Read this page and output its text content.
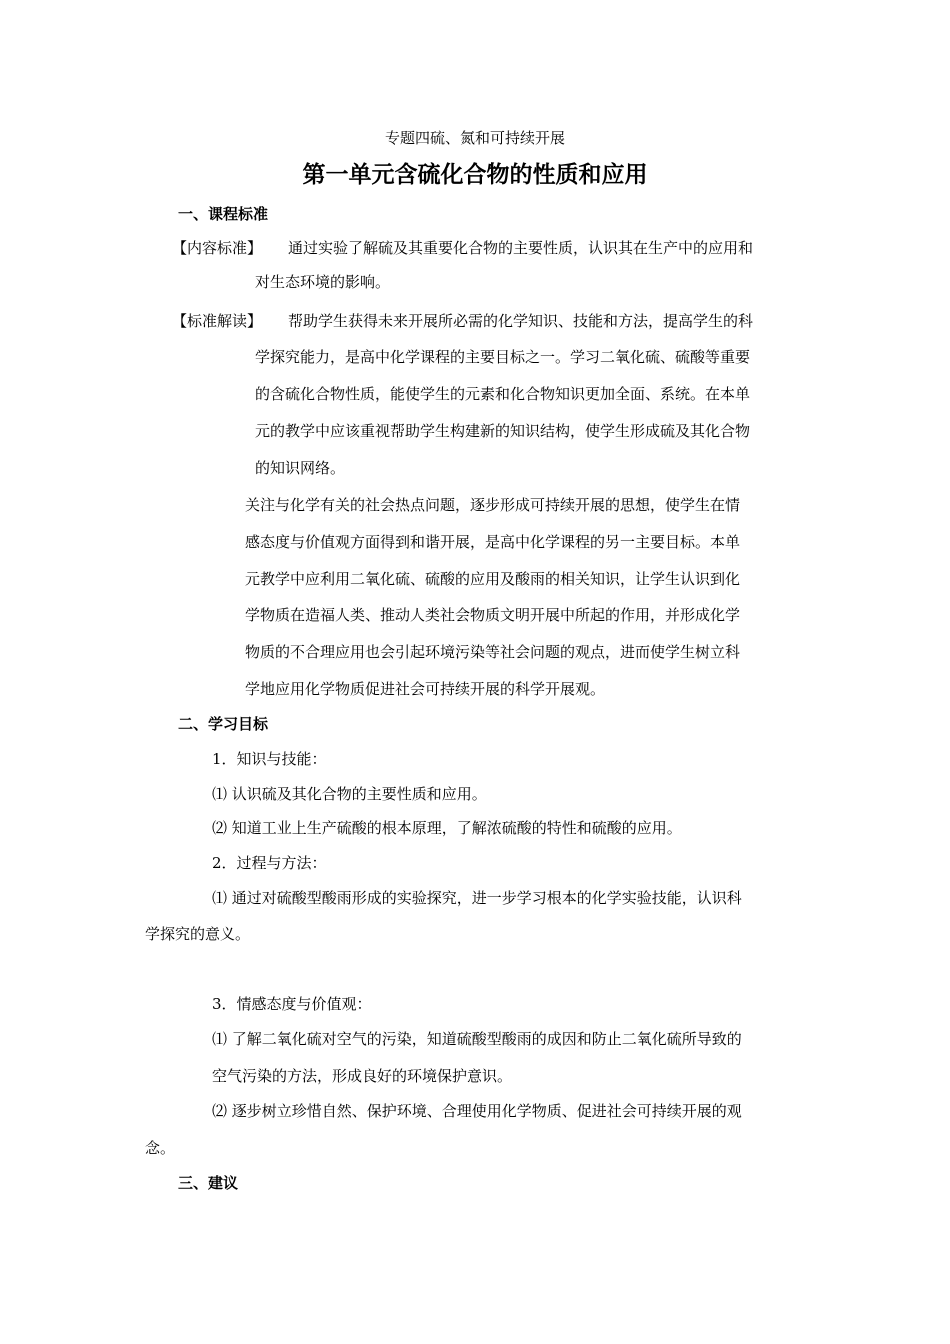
专题四硫、氮和可持续开展
第一单元含硫化合物的性质和应用
一、课程标准
【内容标准】 通过实验了解硫及其重要化合物的主要性质，认识其在生产中的应用和
对生态环境的影响。
【标准解读】 帮助学生获得未来开展所必需的化学知识、技能和方法，提高学生的科
学探究能力，是高中化学课程的主要目标之一。学习二氧化硫、硫酸等重要
的含硫化合物性质，能使学生的元素和化合物知识更加全面、系统。在本单
元的教学中应该重视帮助学生构建新的知识结构，使学生形成硫及其化合物
的知识网络。
关注与化学有关的社会热点问题，逐步形成可持续开展的思想，使学生在情
感态度与价值观方面得到和谐开展，是高中化学课程的另一主要目标。本单
元教学中应利用二氧化硫、硫酸的应用及酸雨的相关知识，让学生认识到化
学物质在造福人类、推动人类社会物质文明开展中所起的作用，并形成化学
物质的不合理应用也会引起环境污染等社会问题的观点，进而使学生树立科
学地应用化学物质促进社会可持续开展的科学开展观。
二、学习目标
1．知识与技能：
⑴ 认识硫及其化合物的主要性质和应用。
⑵ 知道工业上生产硫酸的根本原理，了解浓硫酸的特性和硫酸的应用。
2．过程与方法：
⑴ 通过对硫酸型酸雨形成的实验探究，进一步学习根本的化学实验技能，认识科
学探究的意义。
3．情感态度与价值观：
⑴ 了解二氧化硫对空气的污染，知道硫酸型酸雨的成因和防止二氧化硫所导致的
空气污染的方法，形成良好的环境保护意识。
⑵ 逐步树立珍惜自然、保护环境、合理使用化学物质、促进社会可持续开展的观
念。
三、建议
